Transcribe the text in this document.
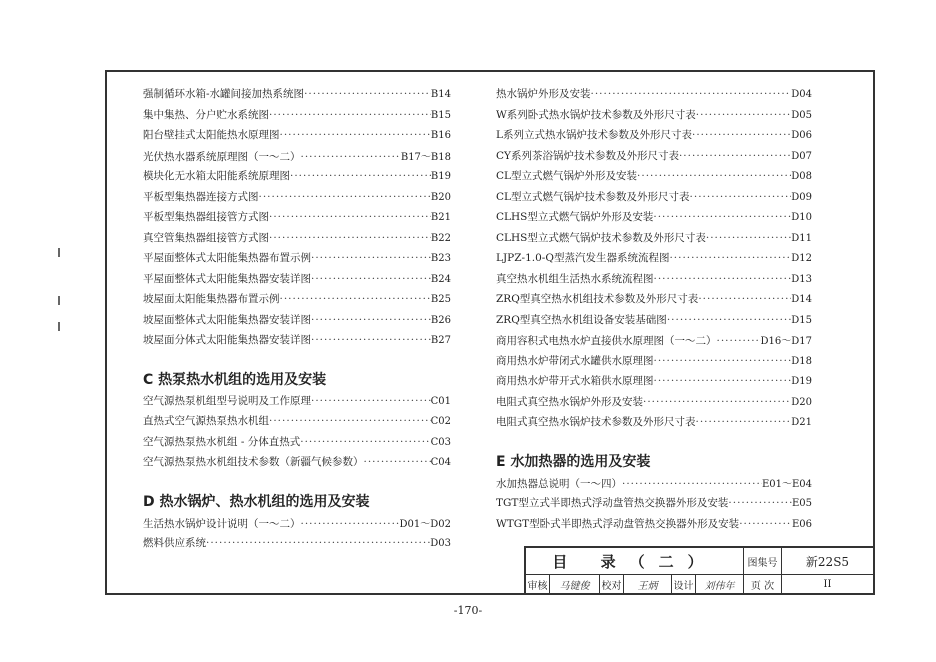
强制循环水箱-水罐间接加热系统图 ·····	B14
集中集热、分户贮水系统图 ·····	B15
阳台壁挂式太阳能热水原理图 ·····	B16
光伏热水器系统原理图（一～二） ·····	B17～B18
模块化无水箱太阳能系统原理图 ·····	B19
平板型集热器连接方式图 ·····	B20
平板型集热器组接管方式图 ·····	B21
真空管集热器组接管方式图 ·····	B22
平屋面整体式太阳能集热器布置示例 ·····	B23
平屋面整体式太阳能集热器安装详图 ·····	B24
坡屋面太阳能集热器布置示例 ·····	B25
坡屋面整体式太阳能集热器安装详图 ·····	B26
坡屋面分体式太阳能集热器安装详图 ·····	B27
C 热泵热水机组的选用及安装
空气源热泵机组型号说明及工作原理 ·····	C01
直热式空气源热泵热水机组 ·····	C02
空气源热泵热水机组 - 分体直热式 ·····	C03
空气源热泵热水机组技术参数（新疆气候参数） ·····	C04
D 热水锅炉、热水机组的选用及安装
生活热水锅炉设计说明（一～二） ·····	D01～D02
燃料供应系统 ·····	D03
热水锅炉外形及安装 ·····	D04
W系列卧式热水锅炉技术参数及外形尺寸表 ·····	D05
L系列立式热水锅炉技术参数及外形尺寸表 ·····	D06
CY系列茶浴锅炉技术参数及外形尺寸表 ·····	D07
CL型立式燃气锅炉外形及安装 ·····	D08
CL型立式燃气锅炉技术参数及外形尺寸表 ·····	D09
CLHS型立式燃气锅炉外形及安装 ·····	D10
CLHS型立式燃气锅炉技术参数及外形尺寸表 ·····	D11
LJPZ-1.0-Q型蒸汽发生器系统流程图 ·····	D12
真空热水机组生活热水系统流程图 ·····	D13
ZRQ型真空热水机组技术参数及外形尺寸表 ·····	D14
ZRQ型真空热水机组设备安装基础图 ·····	D15
商用容积式电热水炉直接供水原理图（一～二） ·····	D16～D17
商用热水炉带闭式水罐供水原理图 ·····	D18
商用热水炉带开式水箱供水原理图 ·····	D19
电阻式真空热水锅炉外形及安装 ·····	D20
电阻式真空热水锅炉技术参数及外形尺寸表 ·····	D21
E 水加热器的选用及安装
水加热器总说明（一～四） ·····	E01～E04
TGT型立式半即热式浮动盘管热交换器外形及安装 ·····	E05
WTGT型卧式半即热式浮动盘管热交换器外形及安装 ·····	E06
目 录（二）	图集号	新22S5
审核	马键俊	校对	王炳	设计	刘伟年	页 次	II
-170-
